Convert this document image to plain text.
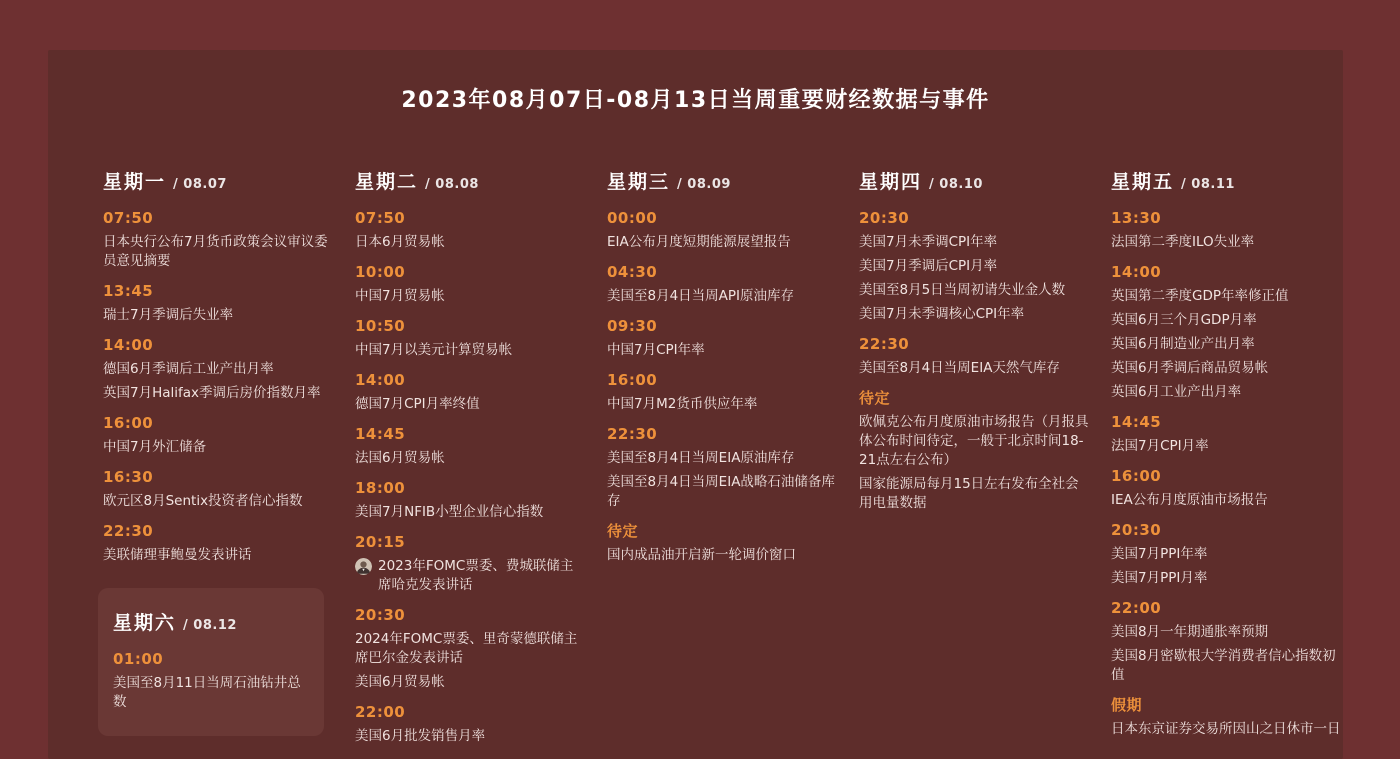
2023年08月07日-08月13日当周重要财经数据与事件
星期一 / 08.07
07:50
日本央行公布7月货币政策会议审议委员意见摘要
13:45
瑞士7月季调后失业率
14:00
德国6月季调后工业产出月率
英国7月Halifax季调后房价指数月率
16:00
中国7月外汇储备
16:30
欧元区8月Sentix投资者信心指数
22:30
美联储理事鲍曼发表讲话
星期二 / 08.08
07:50
日本6月贸易帐
10:00
中国7月贸易帐
10:50
中国7月以美元计算贸易帐
14:00
德国7月CPI月率终值
14:45
法国6月贸易帐
18:00
美国7月NFIB小型企业信心指数
20:15
2023年FOMC票委、费城联储主席哈克发表讲话
20:30
2024年FOMC票委、里奇蒙德联储主席巴尔金发表讲话
美国6月贸易帐
22:00
美国6月批发销售月率
星期三 / 08.09
00:00
EIA公布月度短期能源展望报告
04:30
美国至8月4日当周API原油库存
09:30
中国7月CPI年率
16:00
中国7月M2货币供应年率
22:30
美国至8月4日当周EIA原油库存
美国至8月4日当周EIA战略石油储备库存
待定
国内成品油开启新一轮调价窗口
星期四 / 08.10
20:30
美国7月未季调CPI年率
美国7月季调后CPI月率
美国至8月5日当周初请失业金人数
美国7月未季调核心CPI年率
22:30
美国至8月4日当周EIA天然气库存
待定
欧佩克公布月度原油市场报告（月报具体公布时间待定，一般于北京时间18-21点左右公布）
国家能源局每月15日左右发布全社会用电量数据
星期五 / 08.11
13:30
法国第二季度ILO失业率
14:00
英国第二季度GDP年率修正值
英国6月三个月GDP月率
英国6月制造业产出月率
英国6月季调后商品贸易帐
英国6月工业产出月率
14:45
法国7月CPI月率
16:00
IEA公布月度原油市场报告
20:30
美国7月PPI年率
美国7月PPI月率
22:00
美国8月一年期通胀率预期
美国8月密歇根大学消费者信心指数初值
假期
日本东京证券交易所因山之日休市一日
星期六 / 08.12
01:00
美国至8月11日当周石油钻井总数
